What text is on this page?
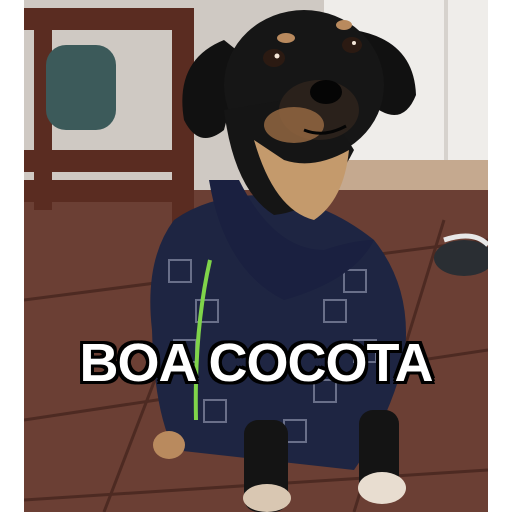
BOA COCOTA
